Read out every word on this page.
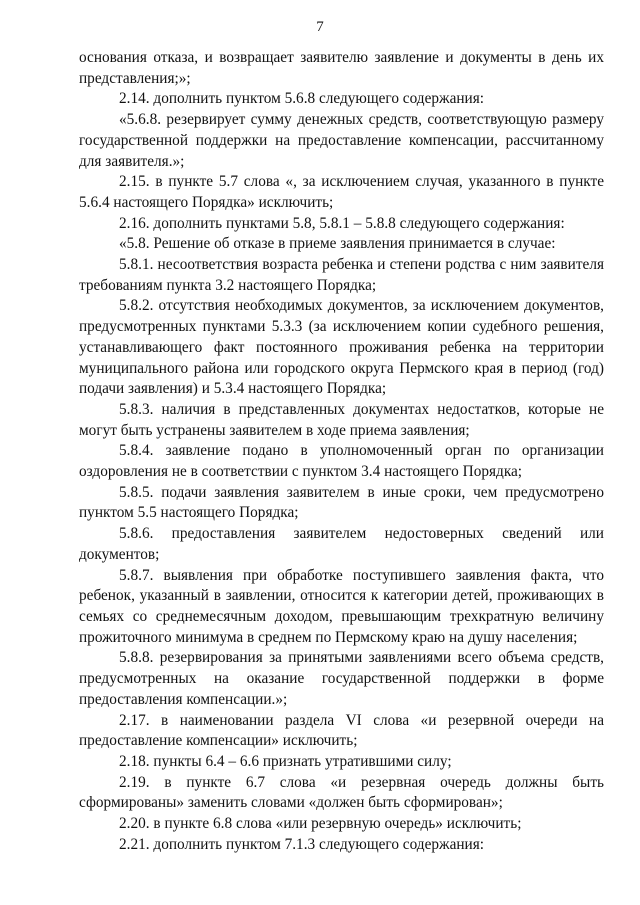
7

основания отказа, и возвращает заявителю заявление и документы в день их представления;»;

2.14. дополнить пунктом 5.6.8 следующего содержания:

«5.6.8. резервирует сумму денежных средств, соответствующую размеру государственной поддержки на предоставление компенсации, рассчитанному для заявителя.»;

2.15. в пункте 5.7 слова «, за исключением случая, указанного в пункте 5.6.4 настоящего Порядка» исключить;

2.16. дополнить пунктами 5.8, 5.8.1 – 5.8.8 следующего содержания:

«5.8. Решение об отказе в приеме заявления принимается в случае:

5.8.1. несоответствия возраста ребенка и степени родства с ним заявителя требованиям пункта 3.2 настоящего Порядка;

5.8.2. отсутствия необходимых документов, за исключением документов, предусмотренных пунктами 5.3.3 (за исключением копии судебного решения, устанавливающего факт постоянного проживания ребенка на территории муниципального района или городского округа Пермского края в период (год) подачи заявления) и 5.3.4 настоящего Порядка;

5.8.3. наличия в представленных документах недостатков, которые не могут быть устранены заявителем в ходе приема заявления;

5.8.4. заявление подано в уполномоченный орган по организации оздоровления не в соответствии с пунктом 3.4 настоящего Порядка;

5.8.5. подачи заявления заявителем в иные сроки, чем предусмотрено пунктом 5.5 настоящего Порядка;

5.8.6. предоставления заявителем недостоверных сведений или документов;

5.8.7. выявления при обработке поступившего заявления факта, что ребенок, указанный в заявлении, относится к категории детей, проживающих в семьях со среднемесячным доходом, превышающим трехкратную величину прожиточного минимума в среднем по Пермскому краю на душу населения;

5.8.8. резервирования за принятыми заявлениями всего объема средств, предусмотренных на оказание государственной поддержки в форме предоставления компенсации.»;

2.17. в наименовании раздела VI слова «и резервной очереди на предоставление компенсации» исключить;

2.18. пункты 6.4 – 6.6 признать утратившими силу;

2.19. в пункте 6.7 слова «и резервная очередь должны быть сформированы» заменить словами «должен быть сформирован»;

2.20. в пункте 6.8 слова «или резервную очередь» исключить;

2.21. дополнить пунктом 7.1.3 следующего содержания:
